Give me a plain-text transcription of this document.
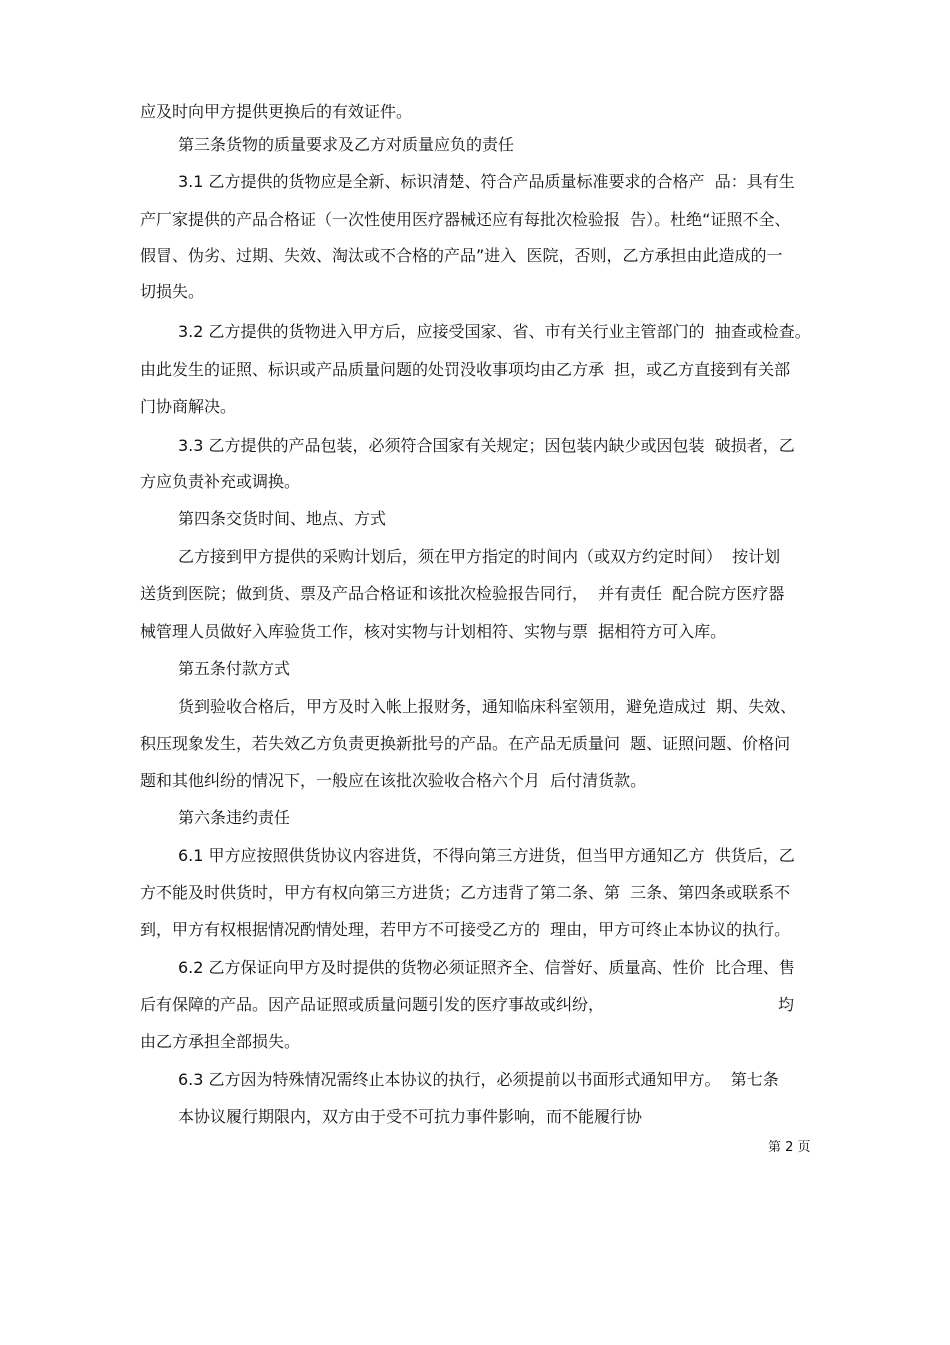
应及时向甲方提供更换后的有效证件。
第三条货物的质量要求及乙方对质量应负的责任
3.1 乙方提供的货物应是全新、标识清楚、符合产品质量标准要求的合格产  品：具有生
产厂家提供的产品合格证（一次性使用医疗器械还应有每批次检验报  告）。杜绝“证照不全、
假冒、伪劣、过期、失效、淘汰或不合格的产品”进入  医院，否则，乙方承担由此造成的一
切损失。
3.2 乙方提供的货物进入甲方后，应接受国家、省、市有关行业主管部门的  抽查或检查。
由此发生的证照、标识或产品质量问题的处罚没收事项均由乙方承  担，或乙方直接到有关部
门协商解决。
3.3 乙方提供的产品包装，必须符合国家有关规定；因包装内缺少或因包装  破损者，乙
方应负责补充或调换。
第四条交货时间、地点、方式
乙方接到甲方提供的采购计划后，须在甲方指定的时间内（或双方约定时间）  按计划
送货到医院；做到货、票及产品合格证和该批次检验报告同行，  并有责任  配合院方医疗器
械管理人员做好入库验货工作，核对实物与计划相符、实物与票  据相符方可入库。
第五条付款方式
货到验收合格后，甲方及时入帐上报财务，通知临床科室领用，避免造成过  期、失效、
积压现象发生，若失效乙方负责更换新批号的产品。在产品无质量问  题、证照问题、价格问
题和其他纠纷的情况下，一般应在该批次验收合格六个月  后付清货款。
第六条违约责任
6.1 甲方应按照供货协议内容进货，不得向第三方进货，但当甲方通知乙方  供货后，乙
方不能及时供货时，甲方有权向第三方进货；乙方违背了第二条、第  三条、第四条或联系不
到，甲方有权根据情况酌情处理，若甲方不可接受乙方的  理由，甲方可终止本协议的执行。
6.2 乙方保证向甲方及时提供的货物必须证照齐全、信誉好、质量高、性价  比合理、售
后有保障的产品。因产品证照或质量问题引发的医疗事故或纠纷，	均
由乙方承担全部损失。
6.3 乙方因为特殊情况需终止本协议的执行，必须提前以书面形式通知甲方。  第七条
本协议履行期限内，双方由于受不可抗力事件影响，而不能履行协
第 2 页
